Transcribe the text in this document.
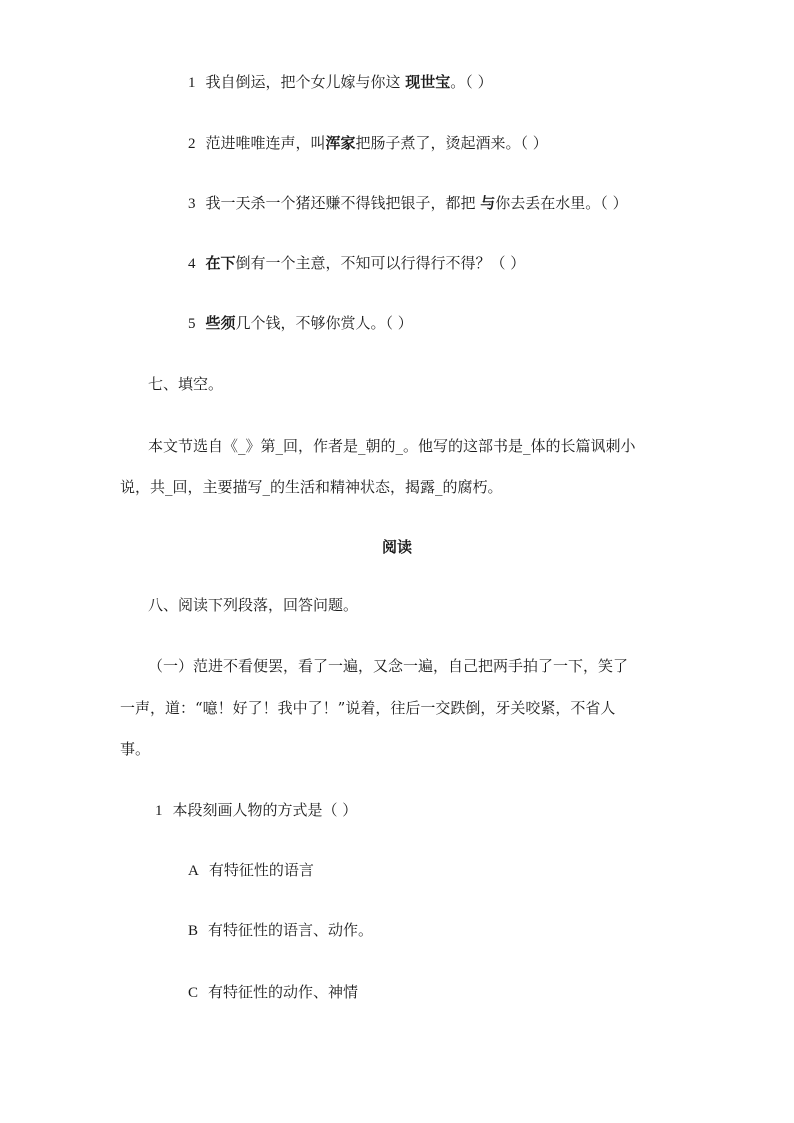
1 我自倒运，把个女儿嫁与你这 现世宝。（ ）
2 范进唯唯连声，叫浑家把肠子煮了，烫起酒来。（ ）
3 我一天杀一个猪还赚不得钱把银子，都把 与你去丢在水里。（ ）
4 在下倒有一个主意，不知可以行得行不得？（ ）
5 些须几个钱，不够你赏人。（ ）
七、填空。
本文节选自《_》第_回，作者是_朝的_。他写的这部书是_体的长篇讽刺小
说，共_回，主要描写_的生活和精神状态，揭露_的腐朽。
阅读
八、阅读下列段落，回答问题。
（一）范进不看便罢，看了一遍，又念一遍，自己把两手拍了一下，笑了
一声，道：“噫！好了！我中了！”说着，往后一交跌倒，牙关咬紧，不省人
事。
1 本段刻画人物的方式是（ ）
A 有特征性的语言
B 有特征性的语言、动作。
C 有特征性的动作、神情
